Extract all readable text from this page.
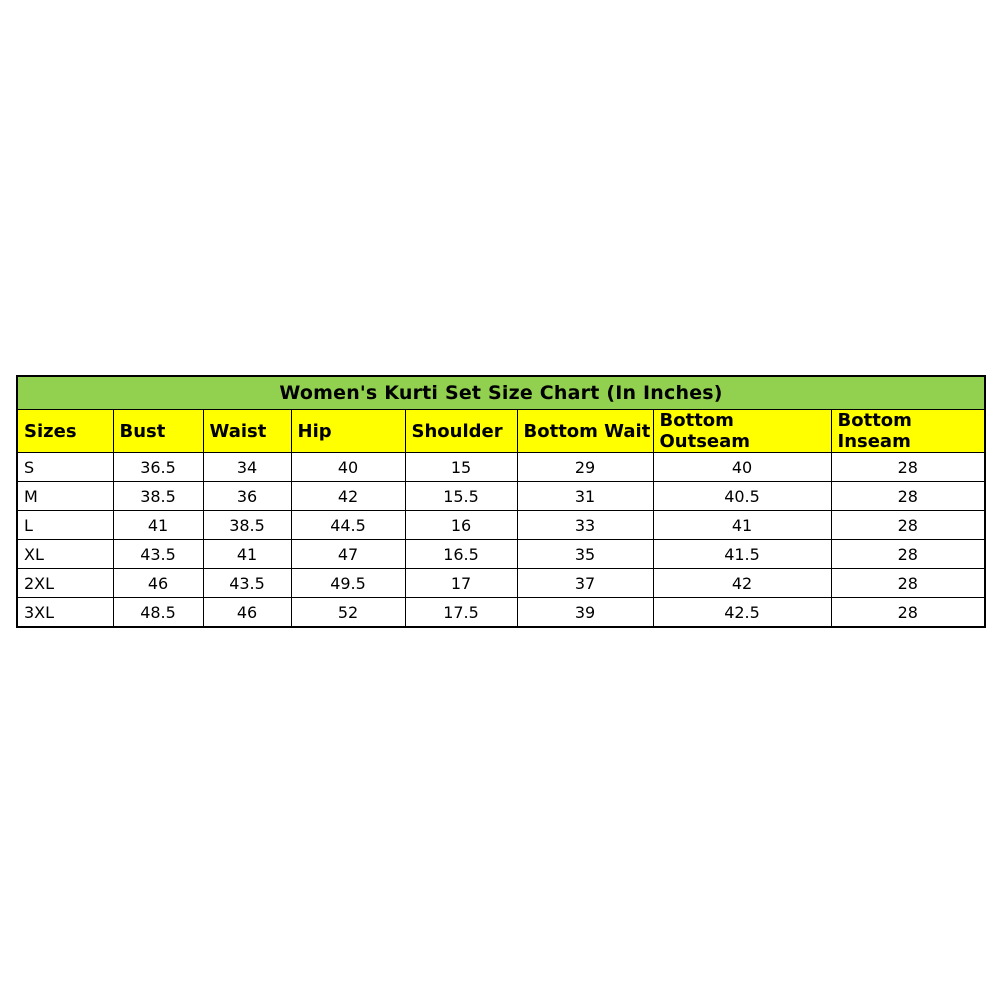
Women's Kurti Set Size Chart (In Inches)							
Sizes	Bust	Waist	Hip	Shoulder	Bottom Wait	Bottom Outseam	Bottom Inseam
S	36.5	34	40	15	29	40	28
M	38.5	36	42	15.5	31	40.5	28
L	41	38.5	44.5	16	33	41	28
XL	43.5	41	47	16.5	35	41.5	28
2XL	46	43.5	49.5	17	37	42	28
3XL	48.5	46	52	17.5	39	42.5	28
